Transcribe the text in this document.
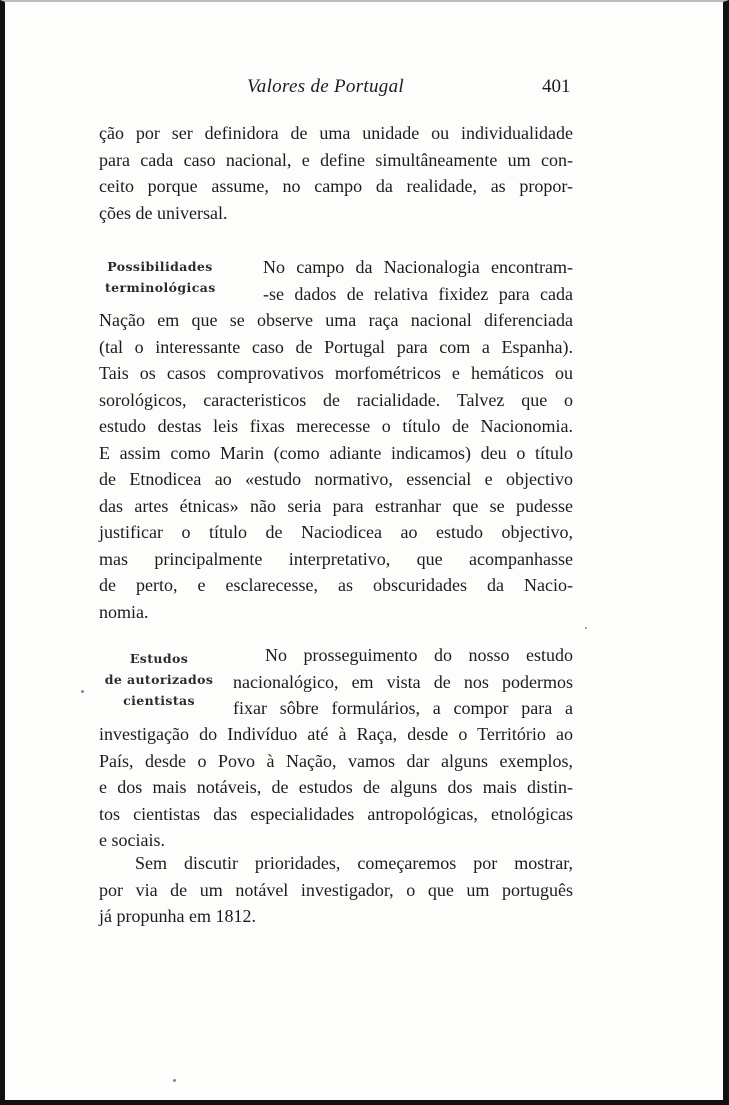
Valores de Portugal	401
ção por ser definidora de uma unidade ou individualidade
para cada caso nacional, e define simultâneamente um con-
ceito porque assume, no campo da realidade, as propor-
ções de universal.
Possibilidades
terminológicas
No campo da Nacionalogia encontram-
-se dados de relativa fixidez para cada
Nação em que se observe uma raça nacional diferenciada
(tal o interessante caso de Portugal para com a Espanha).
Tais os casos comprovativos morfométricos e hemáticos ou
sorológicos, caracteristicos de racialidade. Talvez que o
estudo destas leis fixas merecesse o título de Nacionomia.
E assim como Marin (como adiante indicamos) deu o título
de Etnodicea ao «estudo normativo, essencial e objectivo
das artes étnicas» não seria para estranhar que se pudesse
justificar o título de Naciodicea ao estudo objectivo,
mas principalmente interpretativo, que acompanhasse
de perto, e esclarecesse, as obscuridades da Nacio-
nomia.
Estudos
de autorizados
cientistas
No prosseguimento do nosso estudo
nacionalógico, em vista de nos podermos
fixar sôbre formulários, a compor para a
investigação do Indivíduo até à Raça, desde o Território ao
País, desde o Povo à Nação, vamos dar alguns exemplos,
e dos mais notáveis, de estudos de alguns dos mais distin-
tos cientistas das especialidades antropológicas, etnológicas
e sociais.
Sem discutir prioridades, começaremos por mostrar,
por via de um notável investigador, o que um português
já propunha em 1812.
